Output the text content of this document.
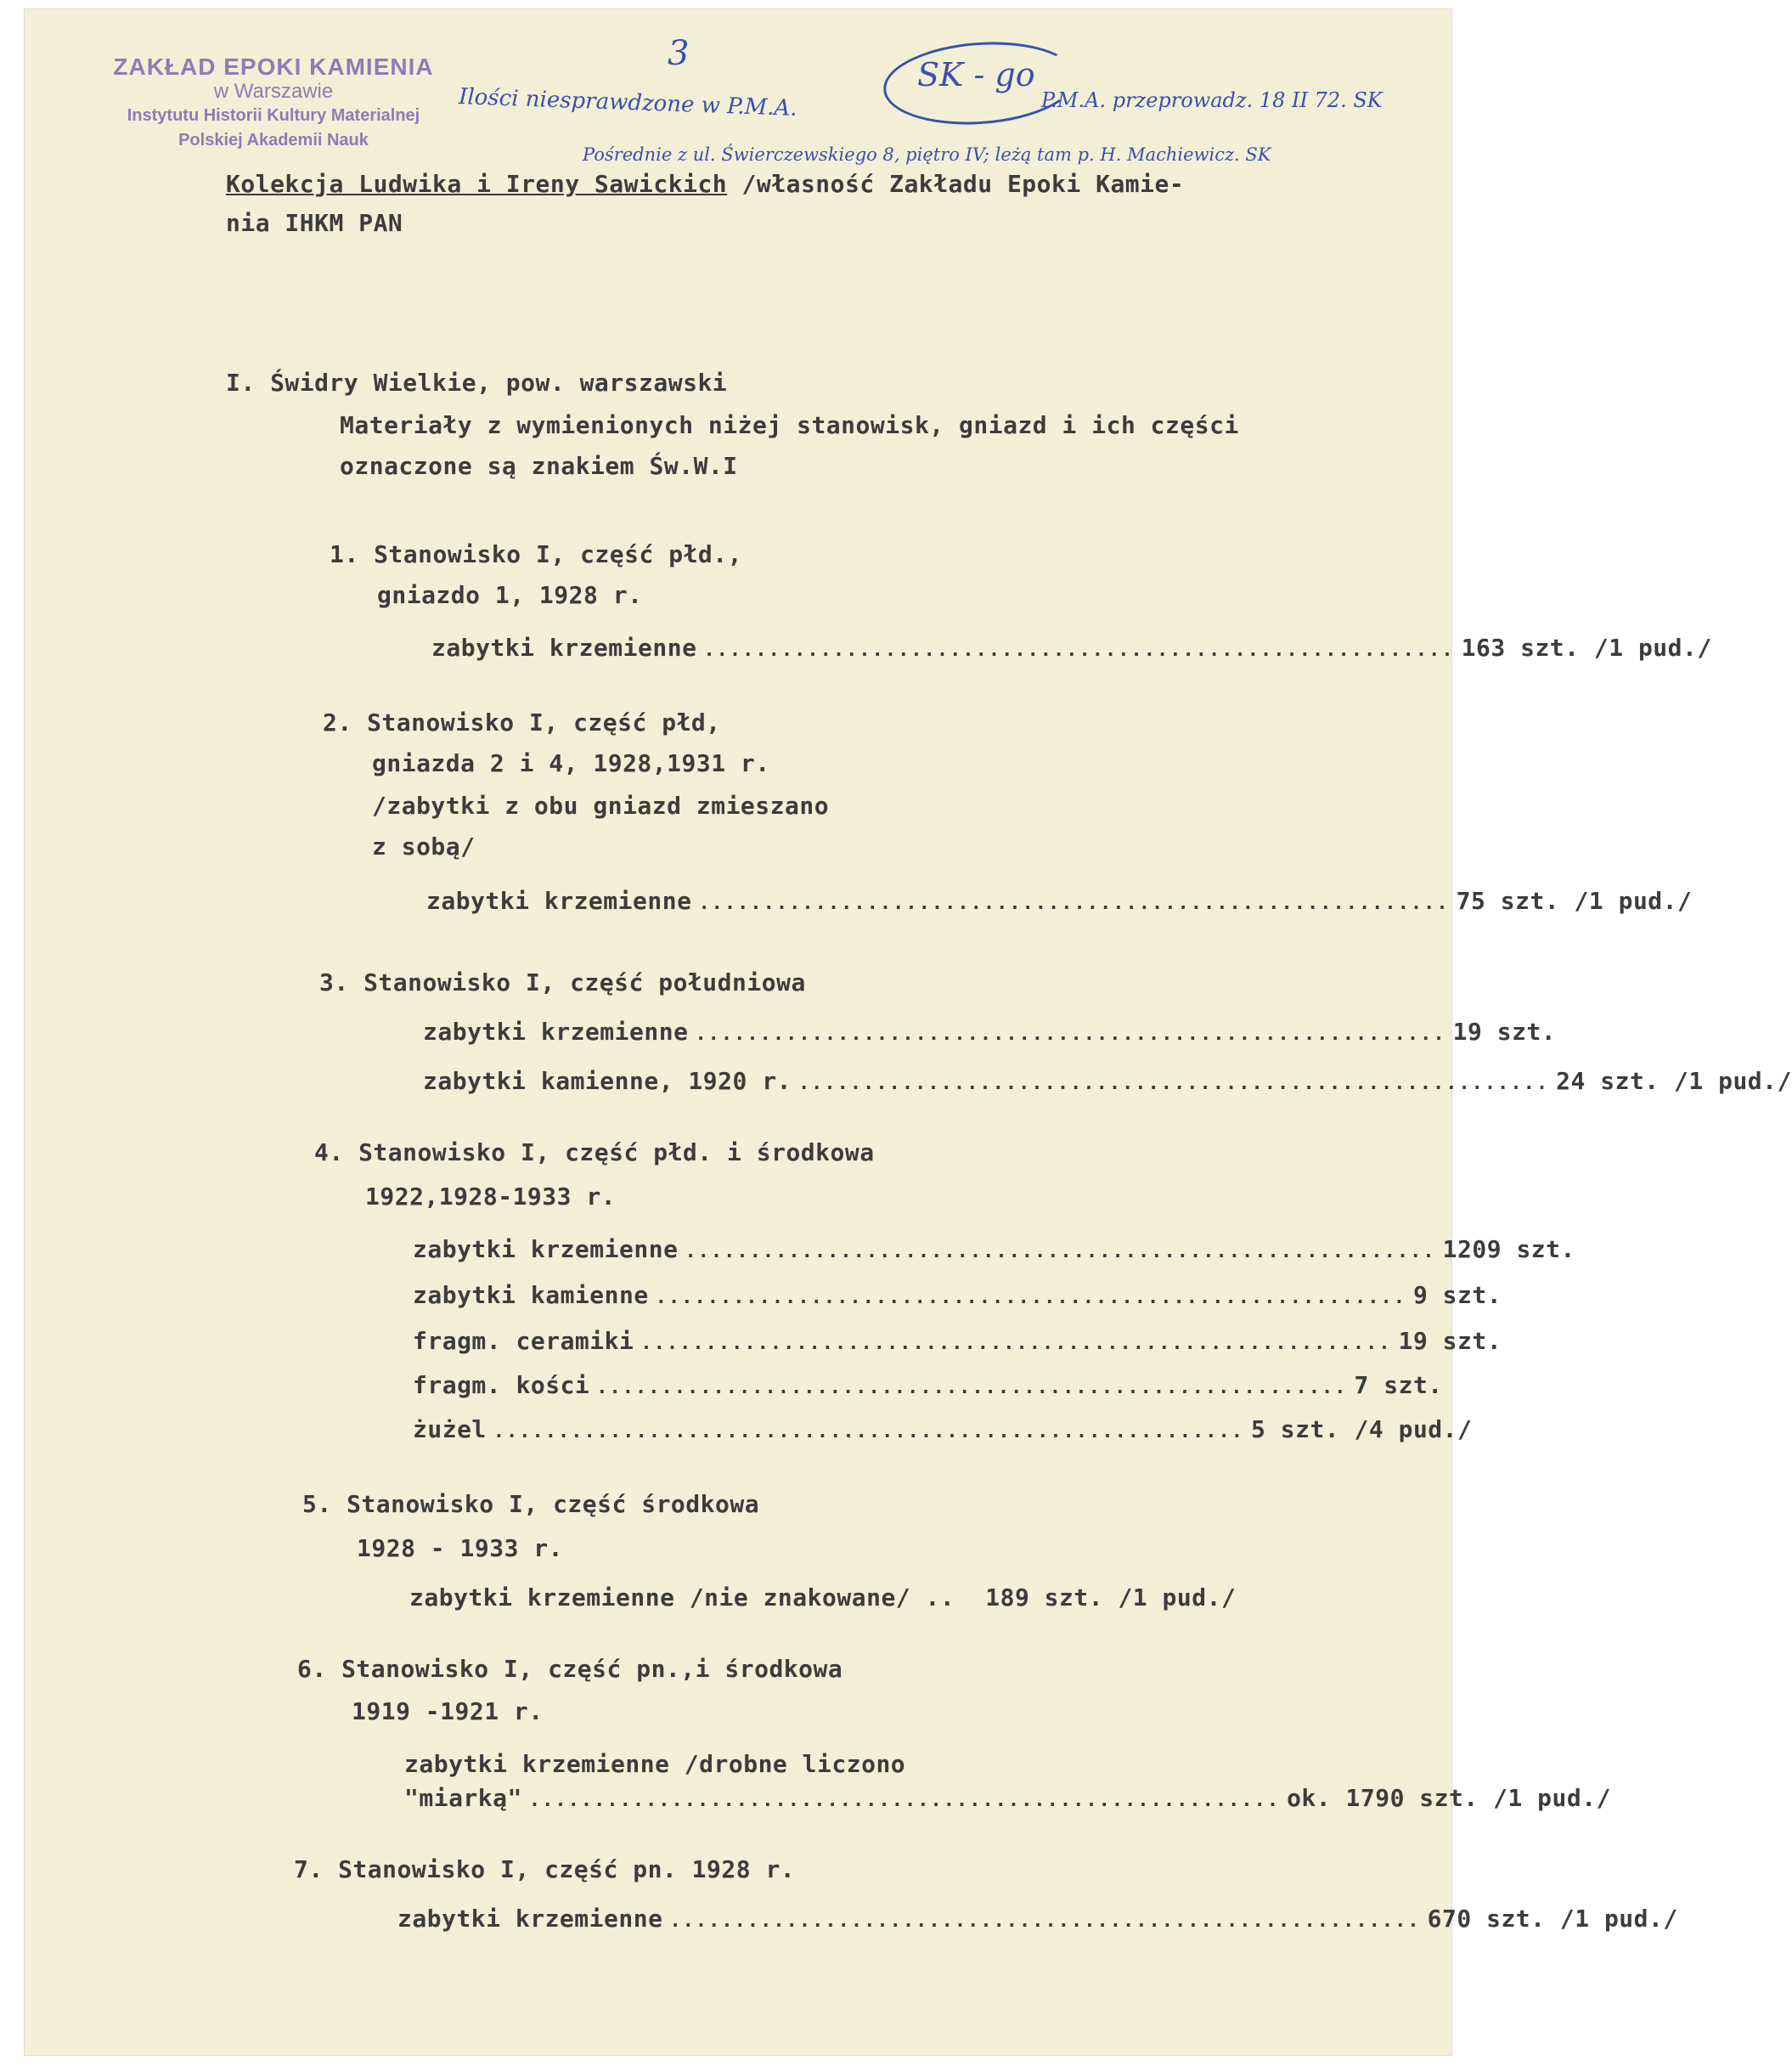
ZAKŁAD EPOKI KAMIENIA
w Warszawie
Instytutu Historii Kultury Materialnej
Polskiej Akademii Nauk
3
Ilości niesprawdzone w P.M.A.
SK - go
P.M.A. przeprowadz. 18 II 72. SK
Pośrednie z ul. Świerczewskiego 8, piętro IV; leżą tam p. H. Machiewicz. SK
Kolekcja Ludwika i Ireny Sawickich /własność Zakładu Epoki Kamie-
nia IHKM PAN
I. Świdry Wielkie, pow. warszawski
Materiały z wymienionych niżej stanowisk, gniazd i ich części
oznaczone są znakiem Św.W.I
1. Stanowisko I, część płd.,
gniazdo 1, 1928 r.
zabytki krzemienne .......................................................... 163 szt. /1 pud./
2. Stanowisko I, część płd,
gniazda 2 i 4, 1928,1931 r.
/zabytki z obu gniazd zmieszano
z sobą/
zabytki krzemienne .......................................................... 75 szt. /1 pud./
3. Stanowisko I, część południowa
zabytki krzemienne .......................................................... 19 szt.
zabytki kamienne, 1920 r. .......................................................... 24 szt. /1 pud./
4. Stanowisko I, część płd. i środkowa
1922,1928-1933 r.
zabytki krzemienne .......................................................... 1209 szt.
zabytki kamienne .......................................................... 9 szt.
fragm. ceramiki .......................................................... 19 szt.
fragm. kości .......................................................... 7 szt.
żużel .......................................................... 5 szt. /4 pud./
5. Stanowisko I, część środkowa
1928 - 1933 r.
zabytki krzemienne /nie znakowane/ .. 189 szt. /1 pud./
6. Stanowisko I, część pn.,i środkowa
1919 -1921 r.
zabytki krzemienne /drobne liczono
"miarką" .......................................................... ok. 1790 szt. /1 pud./
7. Stanowisko I, część pn. 1928 r.
zabytki krzemienne .......................................................... 670 szt. /1 pud./
